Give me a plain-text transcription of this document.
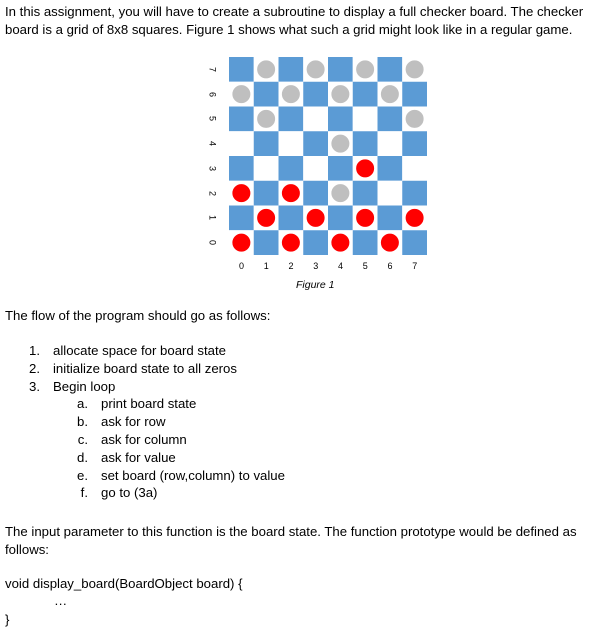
In this assignment, you will have to create a subroutine to display a full checker board. The checker board is a grid of 8x8 squares. Figure 1 shows what such a grid might look like in a regular game.

7
6
5
4
3
2
1
0
0	1	2	3	4	5	6	7
Figure 1

The flow of the program should go as follows:

1. allocate space for board state
2. initialize board state to all zeros
3. Begin loop
a. print board state
b. ask for row
c. ask for column
d. ask for value
e. set board (row,column) to value
f. go to (3a)

The input parameter to this function is the board state. The function prototype would be defined as follows:

void display_board(BoardObject board) {
…
}
